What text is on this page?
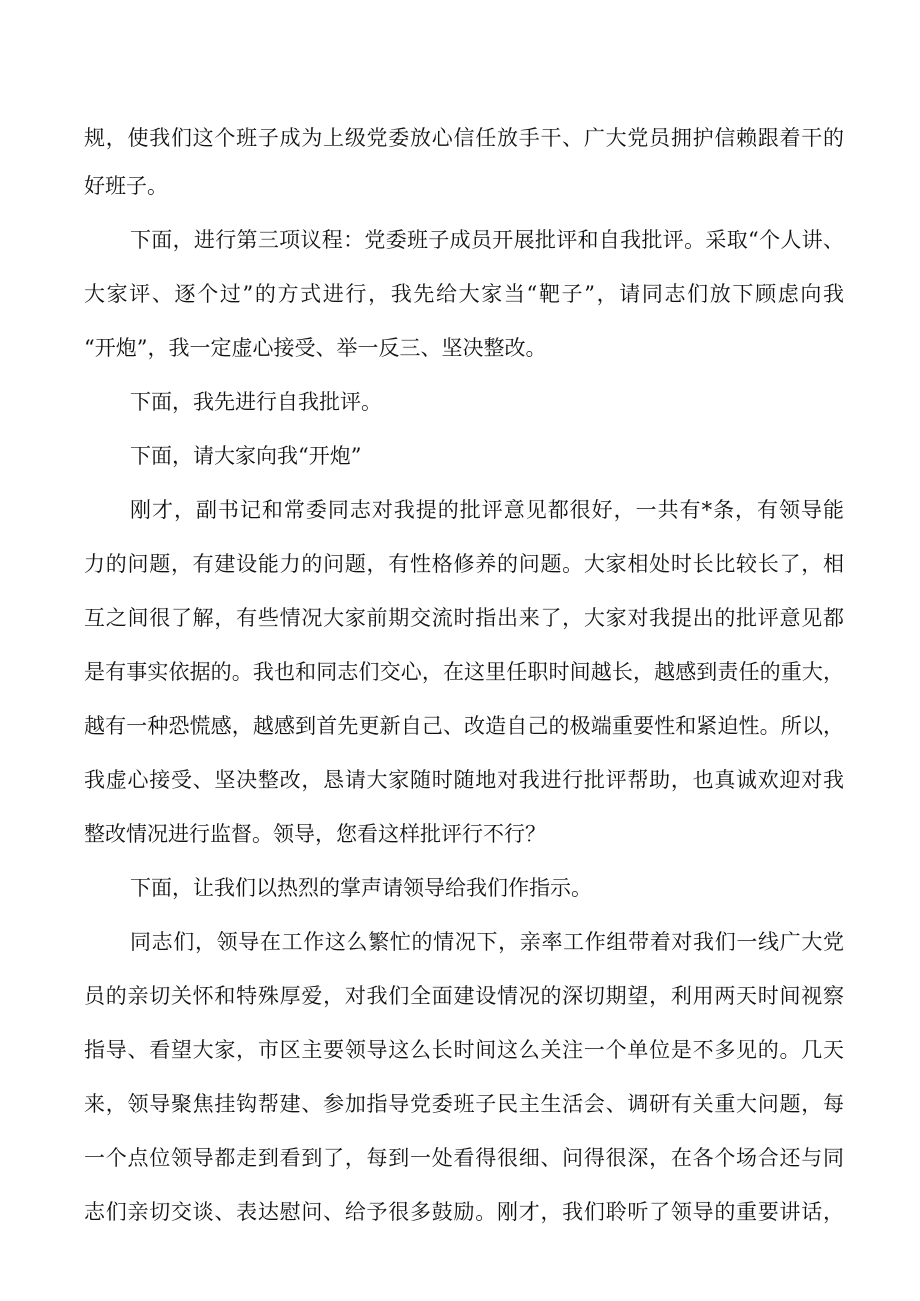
规，使我们这个班子成为上级党委放心信任放手干、广大党员拥护信赖跟着干的

好班子。

下面，进行第三项议程：党委班子成员开展批评和自我批评。采取“个人讲、

大家评、逐个过”的方式进行，我先给大家当“靶子”，请同志们放下顾虑向我

“开炮”，我一定虚心接受、举一反三、坚决整改。

下面，我先进行自我批评。

下面，请大家向我“开炮”

刚才，副书记和常委同志对我提的批评意见都很好，一共有*条，有领导能

力的问题，有建设能力的问题，有性格修养的问题。大家相处时长比较长了，相

互之间很了解，有些情况大家前期交流时指出来了，大家对我提出的批评意见都

是有事实依据的。我也和同志们交心，在这里任职时间越长，越感到责任的重大，

越有一种恐慌感，越感到首先更新自己、改造自己的极端重要性和紧迫性。所以，

我虚心接受、坚决整改，恳请大家随时随地对我进行批评帮助，也真诚欢迎对我

整改情况进行监督。领导，您看这样批评行不行？

下面，让我们以热烈的掌声请领导给我们作指示。

同志们，领导在工作这么繁忙的情况下，亲率工作组带着对我们一线广大党

员的亲切关怀和特殊厚爱，对我们全面建设情况的深切期望，利用两天时间视察

指导、看望大家，市区主要领导这么长时间这么关注一个单位是不多见的。几天

来，领导聚焦挂钩帮建、参加指导党委班子民主生活会、调研有关重大问题，每

一个点位领导都走到看到了，每到一处看得很细、问得很深，在各个场合还与同

志们亲切交谈、表达慰问、给予很多鼓励。刚才，我们聆听了领导的重要讲话，
